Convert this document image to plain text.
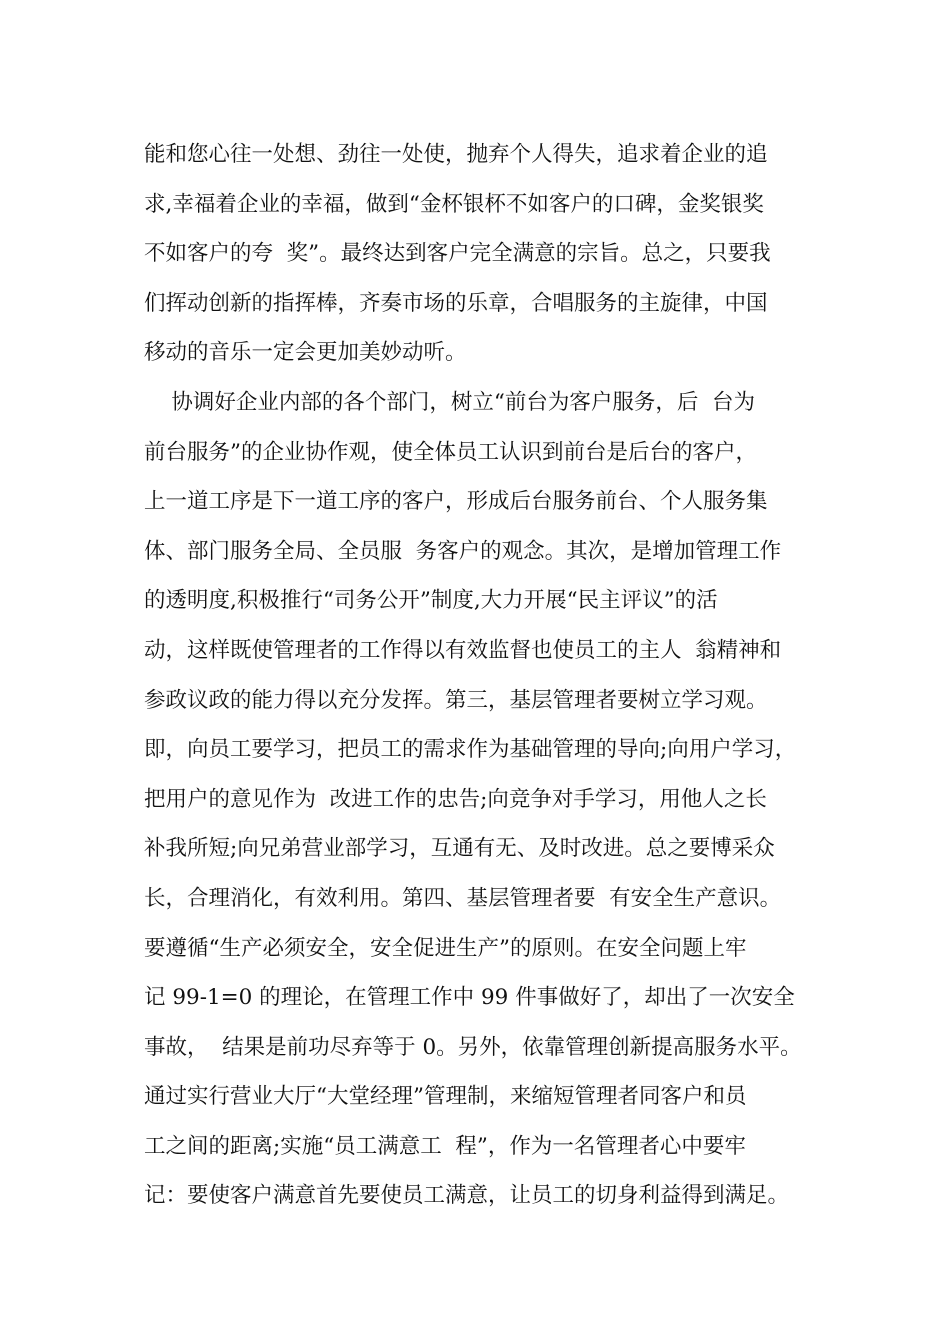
能和您心往一处想、劲往一处使，抛弃个人得失，追求着企业的追
求,幸福着企业的幸福，做到“金杯银杯不如客户的口碑，金奖银奖
不如客户的夸  奖”。最终达到客户完全满意的宗旨。总之，只要我
们挥动创新的指挥棒，齐奏市场的乐章，合唱服务的主旋律，中国
移动的音乐一定会更加美妙动听。
协调好企业内部的各个部门，树立“前台为客户服务，后  台为
前台服务”的企业协作观，使全体员工认识到前台是后台的客户，
上一道工序是下一道工序的客户，形成后台服务前台、个人服务集
体、部门服务全局、全员服  务客户的观念。其次，是增加管理工作
的透明度,积极推行“司务公开”制度,大力开展“民主评议”的活
动，这样既使管理者的工作得以有效监督也使员工的主人  翁精神和
参政议政的能力得以充分发挥。第三，基层管理者要树立学习观。
即，向员工要学习，把员工的需求作为基础管理的导向;向用户学习，
把用户的意见作为  改进工作的忠告;向竞争对手学习，用他人之长
补我所短;向兄弟营业部学习，互通有无、及时改进。总之要博采众
长，合理消化，有效利用。第四、基层管理者要  有安全生产意识。
要遵循“生产必须安全，安全促进生产”的原则。在安全问题上牢
记 99-1=0 的理论，在管理工作中 99 件事做好了，却出了一次安全
事故，  结果是前功尽弃等于 0。另外，依靠管理创新提高服务水平。
通过实行营业大厅“大堂经理”管理制，来缩短管理者同客户和员
工之间的距离;实施“员工满意工  程”，作为一名管理者心中要牢
记：要使客户满意首先要使员工满意，让员工的切身利益得到满足。
